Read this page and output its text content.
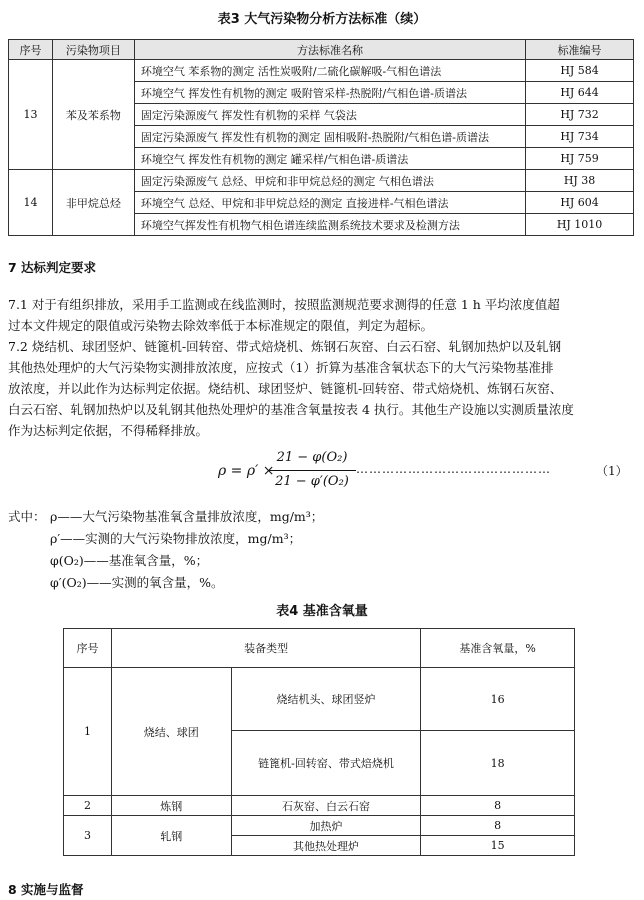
表3 大气污染物分析方法标准（续）
序号	污染物项目	方法标准名称	标准编号
13	苯及苯系物	环境空气 苯系物的测定 活性炭吸附/二硫化碳解吸-气相色谱法	HJ 584
		环境空气 挥发性有机物的测定 吸附管采样-热脱附/气相色谱-质谱法	HJ 644
		固定污染源废气 挥发性有机物的采样 气袋法	HJ 732
		固定污染源废气 挥发性有机物的测定 固相吸附-热脱附/气相色谱-质谱法	HJ 734
		环境空气 挥发性有机物的测定 罐采样/气相色谱-质谱法	HJ 759
14	非甲烷总烃	固定污染源废气 总烃、甲烷和非甲烷总烃的测定 气相色谱法	HJ 38
		环境空气 总烃、甲烷和非甲烷总烃的测定 直接进样-气相色谱法	HJ 604
		环境空气挥发性有机物气相色谱连续监测系统技术要求及检测方法	HJ 1010
7 达标判定要求
7.1 对于有组织排放，采用手工监测或在线监测时，按照监测规范要求测得的任意 1 h 平均浓度值超
过本文件规定的限值或污染物去除效率低于本标准规定的限值，判定为超标。
7.2 烧结机、球团竖炉、链篦机-回转窑、带式焙烧机、炼钢石灰窑、白云石窑、轧钢加热炉以及轧钢
其他热处理炉的大气污染物实测排放浓度，应按式（1）折算为基准含氧状态下的大气污染物基准排
放浓度，并以此作为达标判定依据。烧结机、球团竖炉、链篦机-回转窑、带式焙烧机、炼钢石灰窑、
白云石窑、轧钢加热炉以及轧钢其他热处理炉的基准含氧量按表 4 执行。其他生产设施以实测质量浓度
作为达标判定依据，不得稀释排放。
ρ = ρ′ ×
21 − φ(O₂)
21 − φ′(O₂)
………………………………………	（1）
式中： ρ——大气污染物基准氧含量排放浓度，mg/m³；
ρ′——实测的大气污染物排放浓度，mg/m³；
φ(O₂)——基准氧含量，%；
φ′(O₂)——实测的氧含量，%。
表4 基准含氧量
序号	装备类型		基准含氧量，%
1	烧结、球团	烧结机头、球团竖炉	16
		链篦机-回转窑、带式焙烧机	18
2	炼钢	石灰窑、白云石窑	8
3	轧钢	加热炉	8
		其他热处理炉	15
8 实施与监督
